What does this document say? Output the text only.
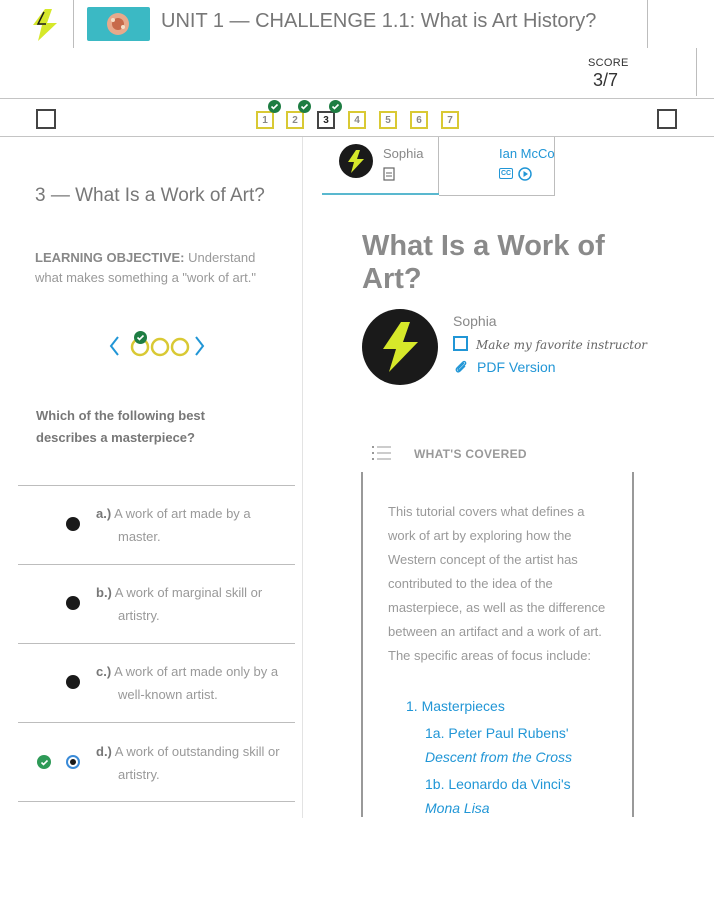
UNIT 1 — CHALLENGE 1.1: What is Art History?
SCORE
3/7
1 2	3	4	5	6	7
3 — What Is a Work of Art?
LEARNING OBJECTIVE: Understand what makes something a "work of art."
Which of the following best describes a masterpiece?
a.) A work of art made by a master.
b.) A work of marginal skill or artistry.
c.) A work of art made only by a well-known artist.
d.) A work of outstanding skill or artistry.
Sophia	Ian McCo
CC
What Is a Work of Art?
Sophia
Make my favorite instructor
PDF Version
WHAT'S COVERED
This tutorial covers what defines a work of art by exploring how the Western concept of the artist has contributed to the idea of the masterpiece, as well as the difference between an artifact and a work of art. The specific areas of focus include:
1. Masterpieces
1a. Peter Paul Rubens'
Descent from the Cross
1b. Leonardo da Vinci's
Mona Lisa
